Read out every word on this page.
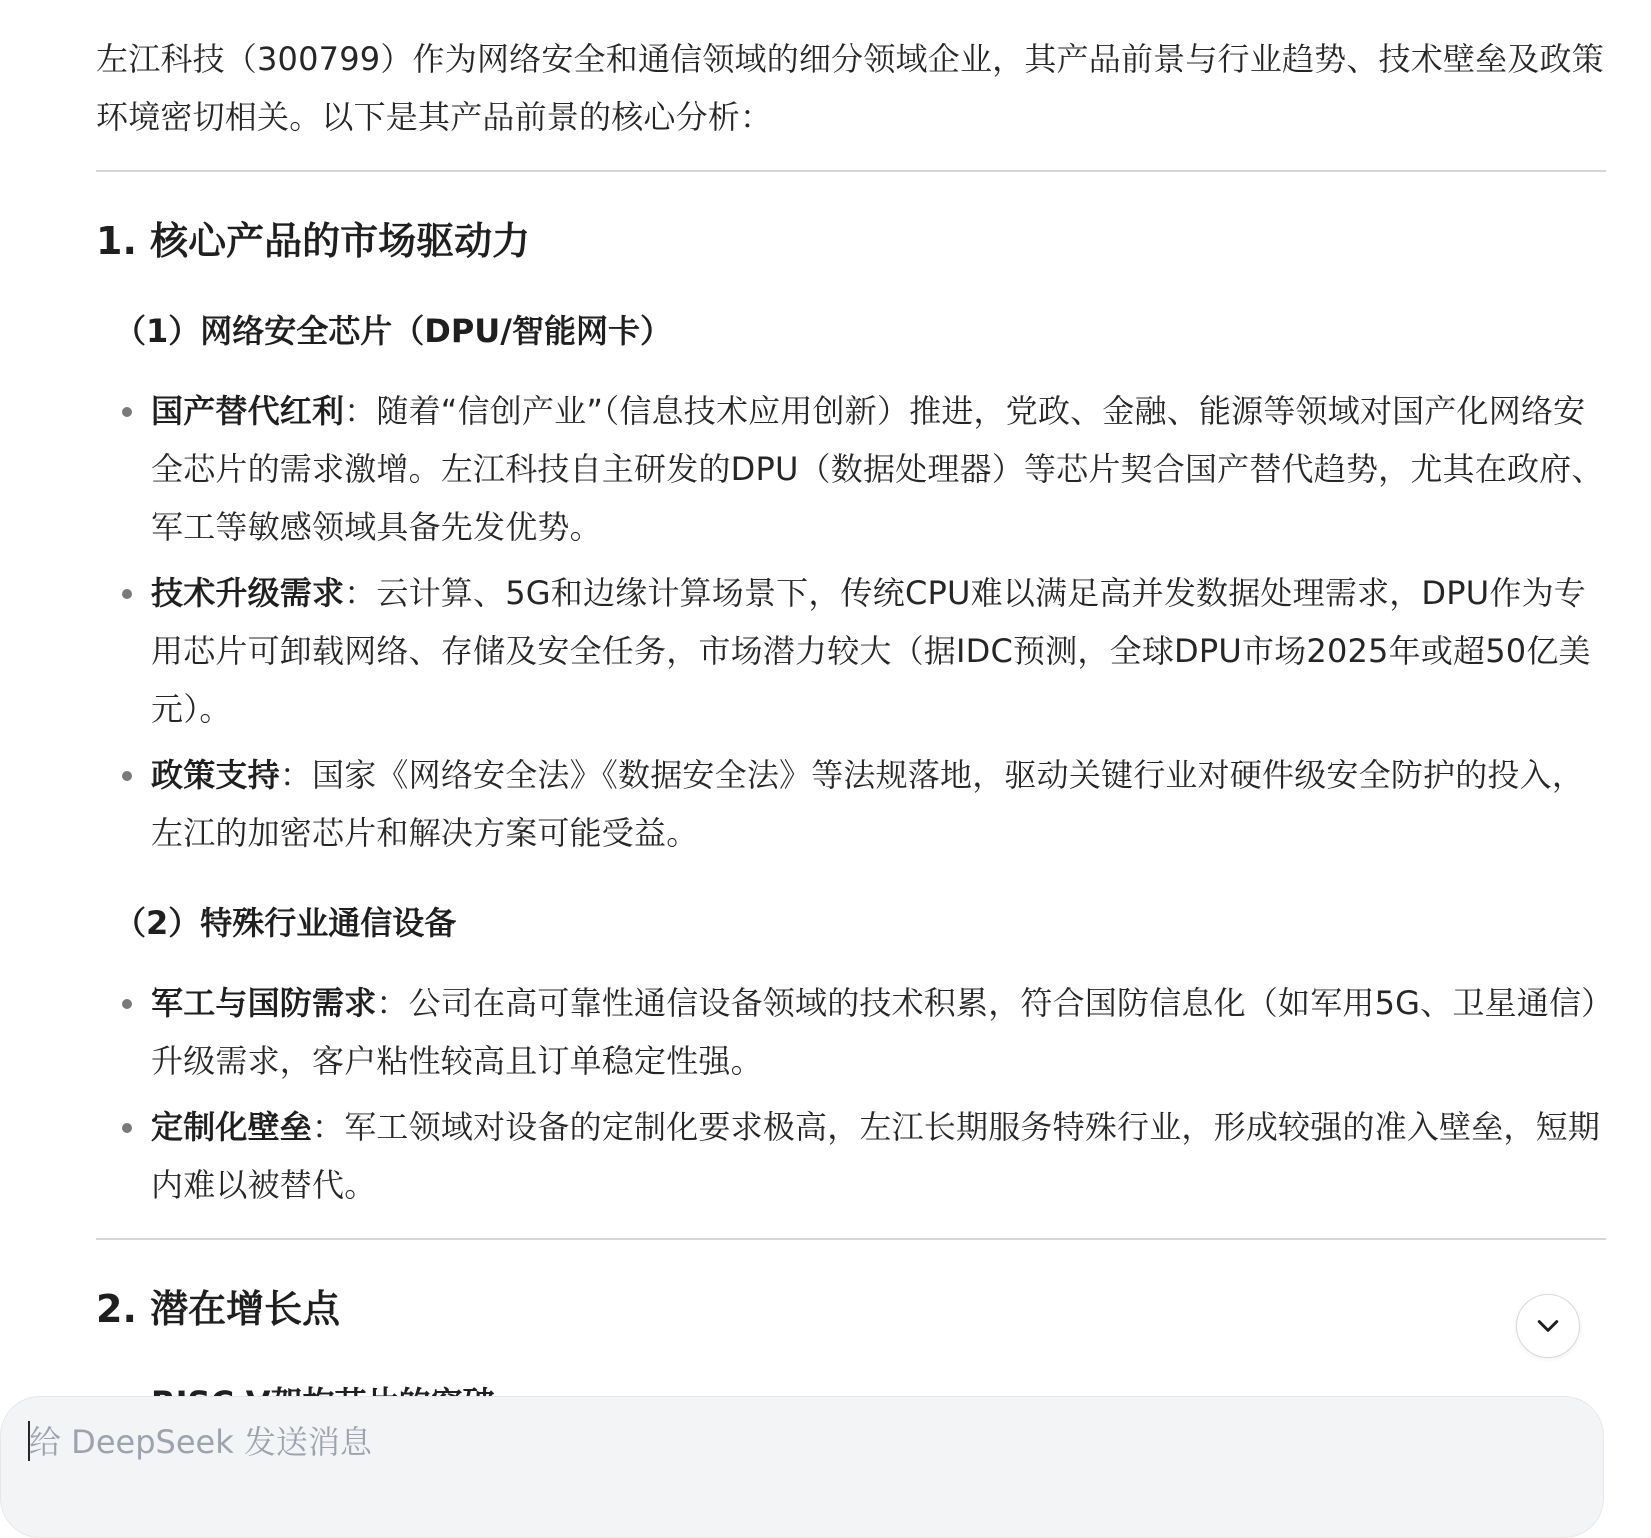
左江科技（300799）作为网络安全和通信领域的细分领域企业，其产品前景与行业趋势、技术壁垒及政策环境密切相关。以下是其产品前景的核心分析：

1. 核心产品的市场驱动力
（1）网络安全芯片（DPU/智能网卡）
国产替代红利：随着“信创产业”（信息技术应用创新）推进，党政、金融、能源等领域对国产化网络安全芯片的需求激增。左江科技自主研发的DPU（数据处理器）等芯片契合国产替代趋势，尤其在政府、军工等敏感领域具备先发优势。
技术升级需求：云计算、5G和边缘计算场景下，传统CPU难以满足高并发数据处理需求，DPU作为专用芯片可卸载网络、存储及安全任务，市场潜力较大（据IDC预测，全球DPU市场2025年或超50亿美元）。
政策支持：国家《网络安全法》《数据安全法》等法规落地，驱动关键行业对硬件级安全防护的投入，左江的加密芯片和解决方案可能受益。
（2）特殊行业通信设备
军工与国防需求：公司在高可靠性通信设备领域的技术积累，符合国防信息化（如军用5G、卫星通信）升级需求，客户粘性较高且订单稳定性强。
定制化壁垒：军工领域对设备的定制化要求极高，左江长期服务特殊行业，形成较强的准入壁垒，短期内难以被替代。
2. 潜在增长点
给 DeepSeek 发送消息
